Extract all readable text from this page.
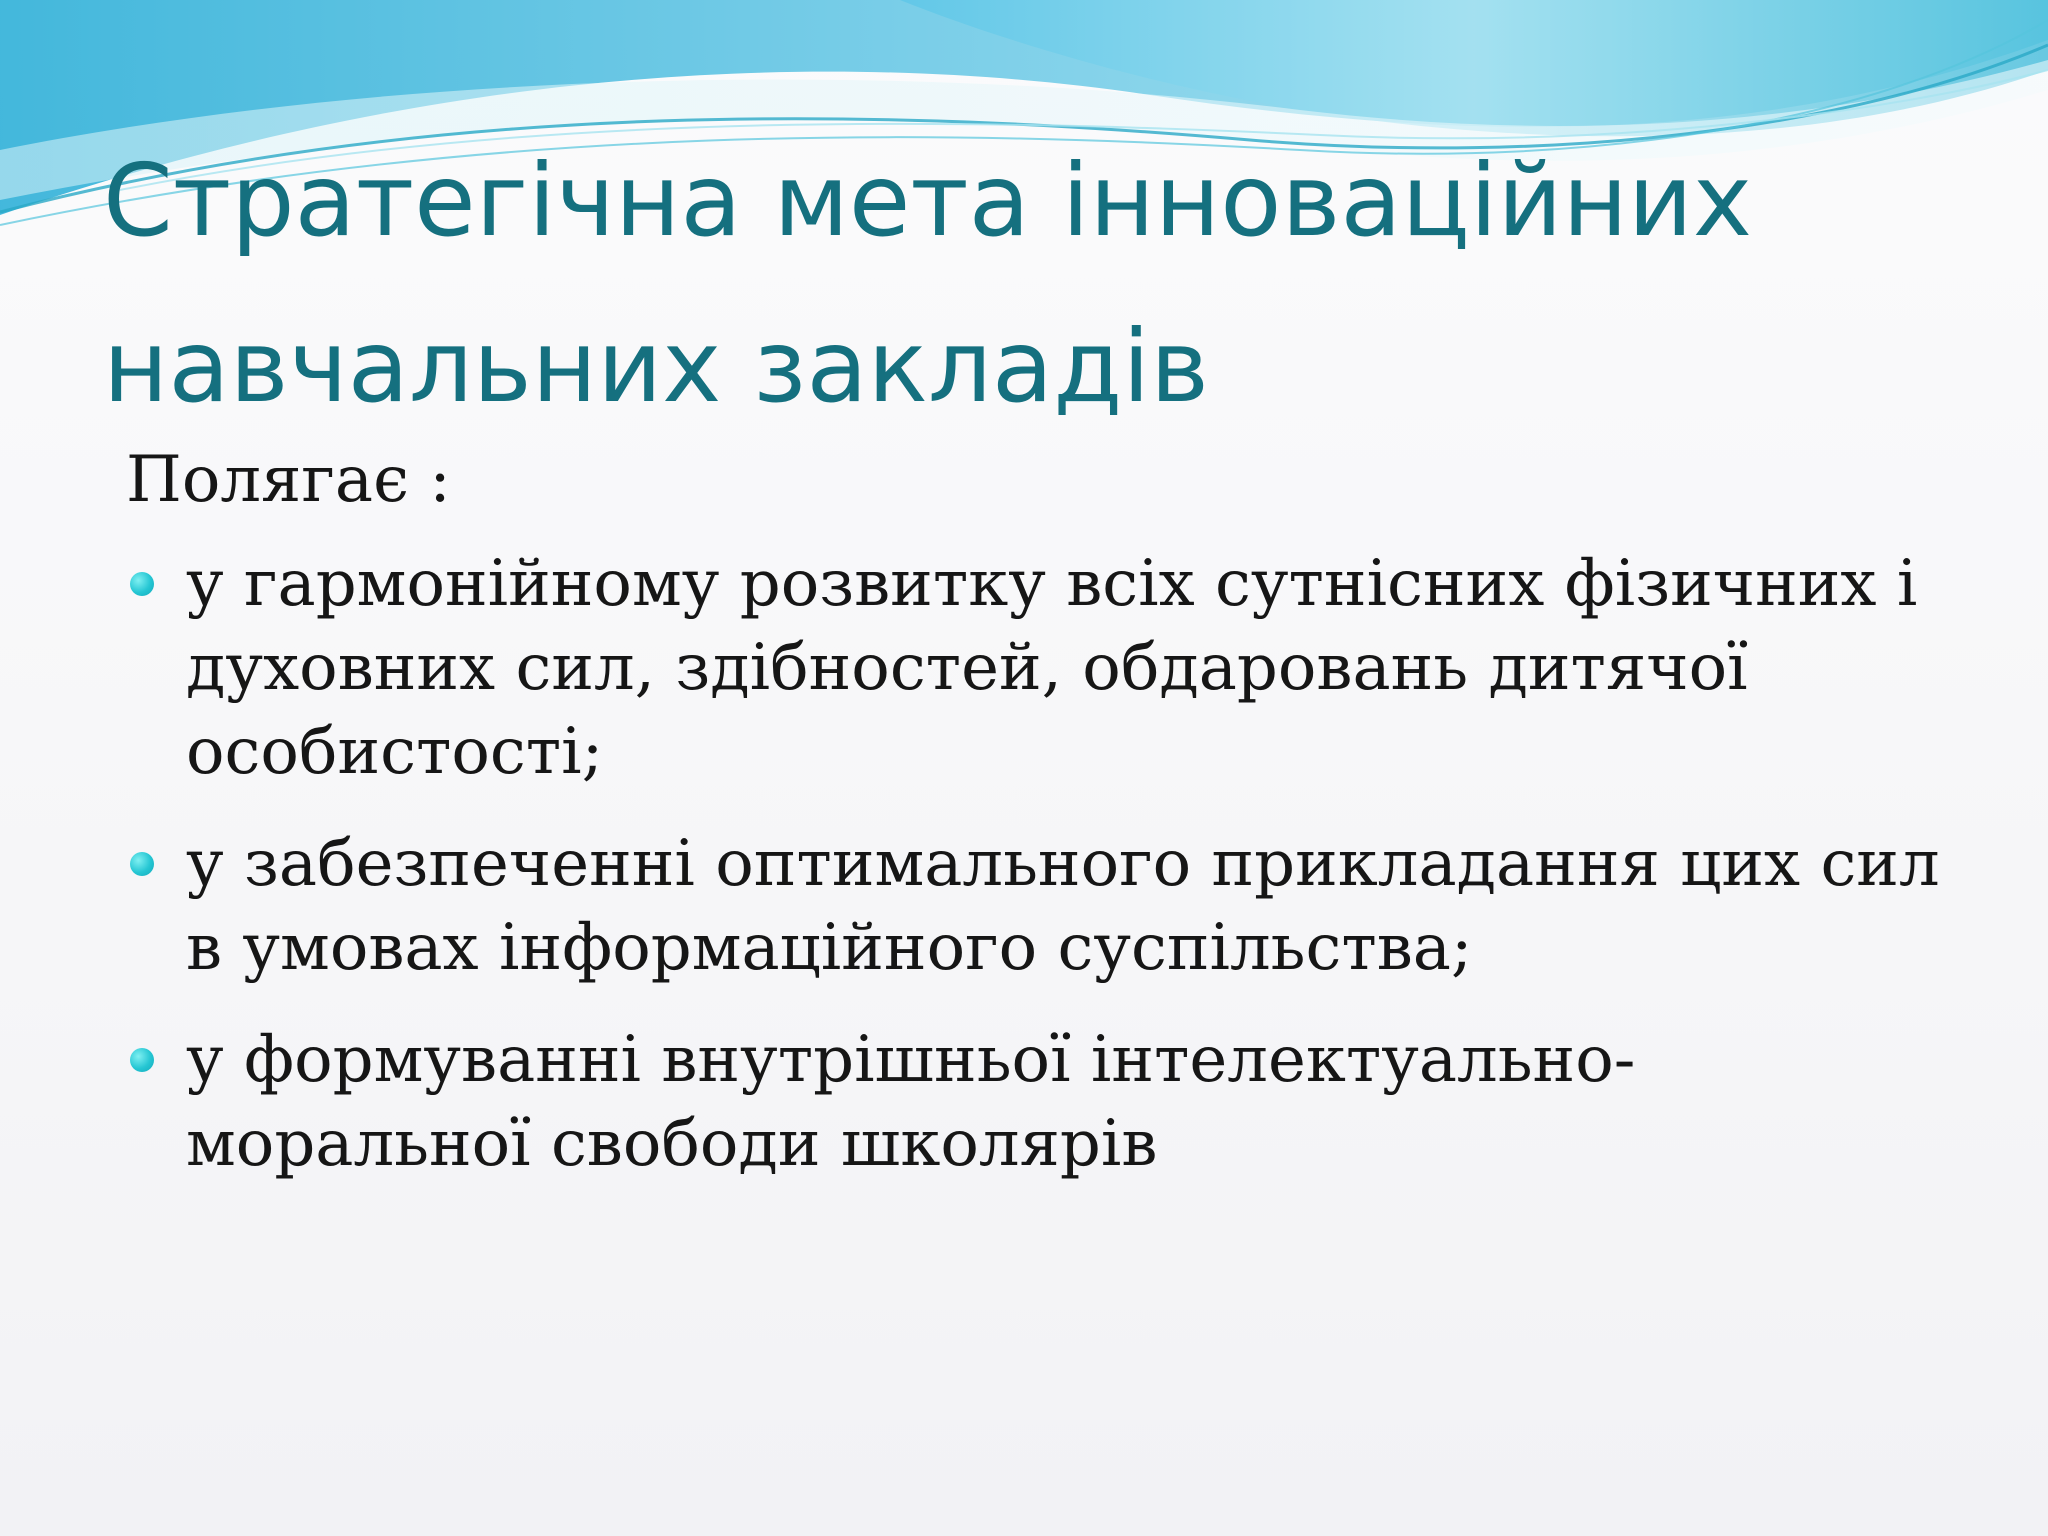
Стратегічна мета інноваційних навчальних закладів

Полягає :

у гармонійному розвитку всіх сутнісних фізичних і духовних сил, здібностей, обдаровань дитячої особистості;
у забезпеченні оптимального прикладання цих сил в умовах інформаційного суспільства;
у формуванні внутрішньої інтелектуально-моральної свободи школярів
